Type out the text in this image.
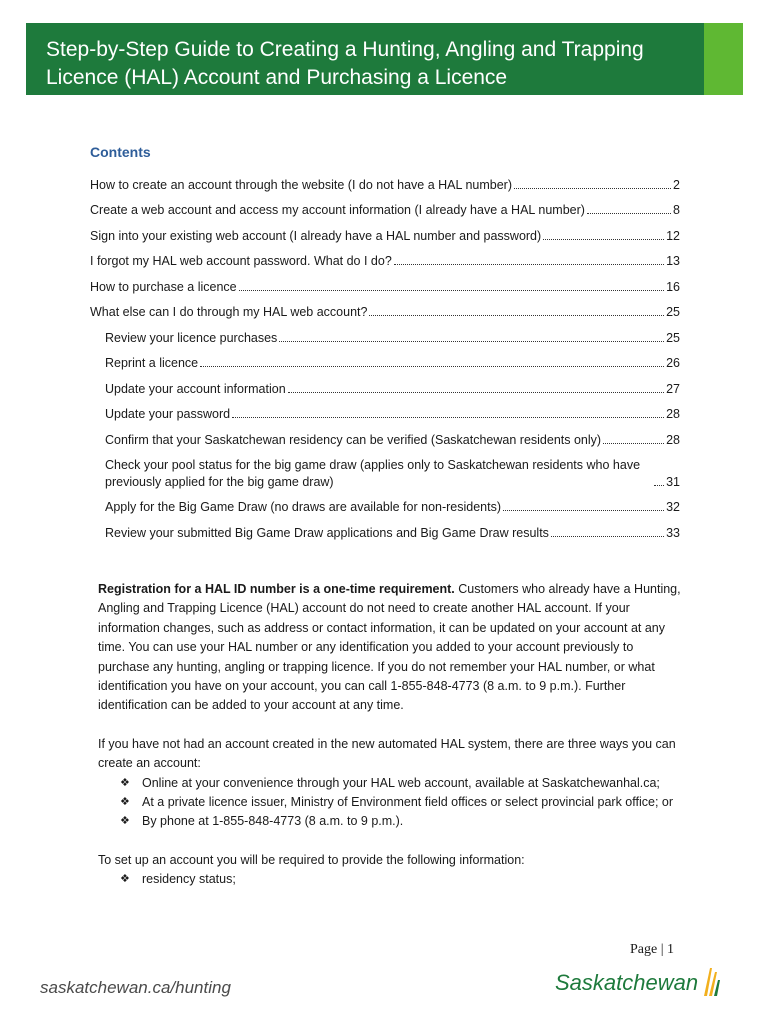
Step-by-Step Guide to Creating a Hunting, Angling and Trapping Licence (HAL) Account and Purchasing a Licence
Contents
How to create an account through the website (I do not have a HAL number)	2
Create a web account and access my account information (I already have a HAL number)	8
Sign into your existing web account (I already have a HAL number and password)	12
I forgot my HAL web account password. What do I do?	13
How to purchase a licence	16
What else can I do through my HAL web account?	25
Review your licence purchases	25
Reprint a licence	26
Update your account information	27
Update your password	28
Confirm that your Saskatchewan residency can be verified (Saskatchewan residents only)	28
Check your pool status for the big game draw (applies only to Saskatchewan residents who have previously applied for the big game draw)	31
Apply for the Big Game Draw (no draws are available for non-residents)	32
Review your submitted Big Game Draw applications and Big Game Draw results	33

Registration for a HAL ID number is a one-time requirement. Customers who already have a Hunting, Angling and Trapping Licence (HAL) account do not need to create another HAL account. If your information changes, such as address or contact information, it can be updated on your account at any time. You can use your HAL number or any identification you added to your account previously to purchase any hunting, angling or trapping licence. If you do not remember your HAL number, or what identification you have on your account, you can call 1-855-848-4773 (8 a.m. to 9 p.m.). Further identification can be added to your account at any time.

If you have not had an account created in the new automated HAL system, there are three ways you can create an account:
❖ Online at your convenience through your HAL web account, available at Saskatchewanhal.ca;
❖ At a private licence issuer, Ministry of Environment field offices or select provincial park office; or
❖ By phone at 1-855-848-4773 (8 a.m. to 9 p.m.).
To set up an account you will be required to provide the following information:
❖ residency status;
Page | 1
saskatchewan.ca/hunting	Saskatchewan
